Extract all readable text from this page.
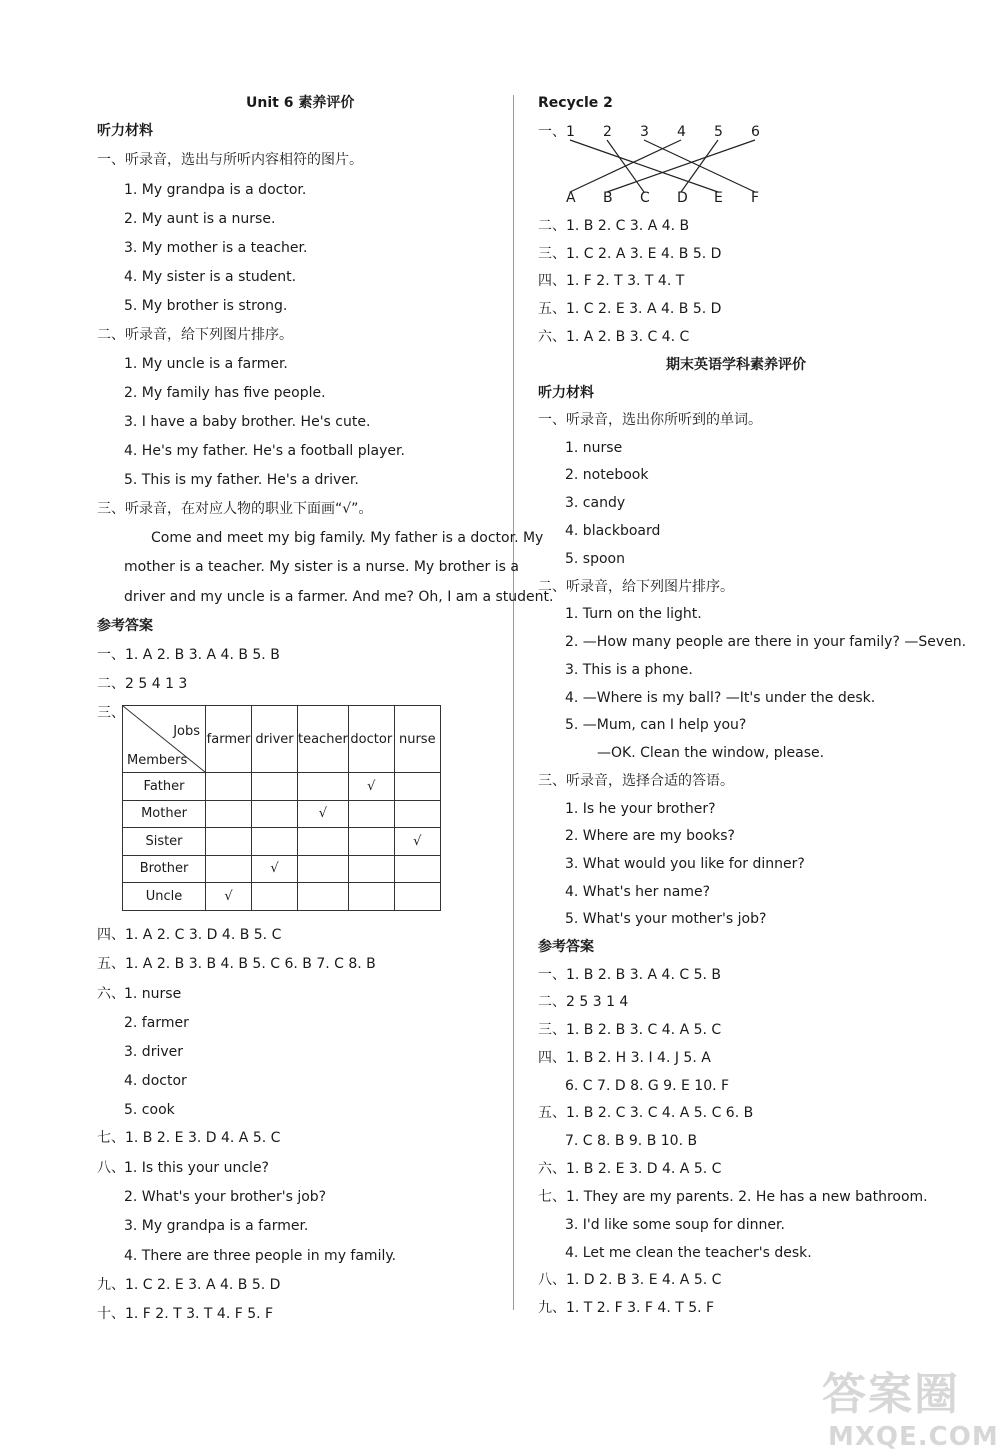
Unit 6 素养评价
听力材料
一、听录音，选出与所听内容相符的图片。
1. My grandpa is a doctor.
2. My aunt is a nurse.
3. My mother is a teacher.
4. My sister is a student.
5. My brother is strong.
二、听录音，给下列图片排序。
1. My uncle is a farmer.
2. My family has five people.
3. I have a baby brother. He's cute.
4. He's my father. He's a football player.
5. This is my father. He's a driver.
三、听录音，在对应人物的职业下面画“√”。
Come and meet my big family. My father is a doctor. My
mother is a teacher. My sister is a nurse. My brother is a
driver and my uncle is a farmer. And me? Oh, I am a student.
参考答案
一、1. A 2. B 3. A 4. B 5. B
二、2 5 4 1 3
三、
Jobs
Members	farmer	driver	teacher	doctor	nurse
Father				√	
Mother			√		
Sister					√
Brother		√			
Uncle	√				
四、1. A 2. C 3. D 4. B 5. C
五、1. A 2. B 3. B 4. B 5. C 6. B 7. C 8. B
六、 1. nurse
2. farmer
3. driver
4. doctor
5. cook
七、1. B 2. E 3. D 4. A 5. C
八、 1. Is this your uncle?
2. What's your brother's job?
3. My grandpa is a farmer.
4. There are three people in my family.
九、1. C 2. E 3. A 4. B 5. D
十、1. F 2. T 3. T 4. F 5. F
Recycle 2
一、 1 2 3 4 5 6
A B C D E F
二、1. B 2. C 3. A 4. B
三、1. C 2. A 3. E 4. B 5. D
四、1. F 2. T 3. T 4. T
五、1. C 2. E 3. A 4. B 5. D
六、1. A 2. B 3. C 4. C
期末英语学科素养评价
听力材料
一、听录音，选出你所听到的单词。
1. nurse
2. notebook
3. candy
4. blackboard
5. spoon
二、听录音，给下列图片排序。
1. Turn on the light.
2. —How many people are there in your family? —Seven.
3. This is a phone.
4. —Where is my ball? —It's under the desk.
5. —Mum, can I help you?
—OK. Clean the window, please.
三、听录音，选择合适的答语。
1. Is he your brother?
2. Where are my books?
3. What would you like for dinner?
4. What's her name?
5. What's your mother's job?
参考答案
一、1. B 2. B 3. A 4. C 5. B
二、2 5 3 1 4
三、1. B 2. B 3. C 4. A 5. C
四、1. B 2. H 3. I 4. J 5. A
6. C 7. D 8. G 9. E 10. F
五、1. B 2. C 3. C 4. A 5. C 6. B
7. C 8. B 9. B 10. B
六、1. B 2. E 3. D 4. A 5. C
七、1. They are my parents. 2. He has a new bathroom.
3. I'd like some soup for dinner.
4. Let me clean the teacher's desk.
八、1. D 2. B 3. E 4. A 5. C
九、1. T 2. F 3. F 4. T 5. F
答案圈
MXQE.COM
